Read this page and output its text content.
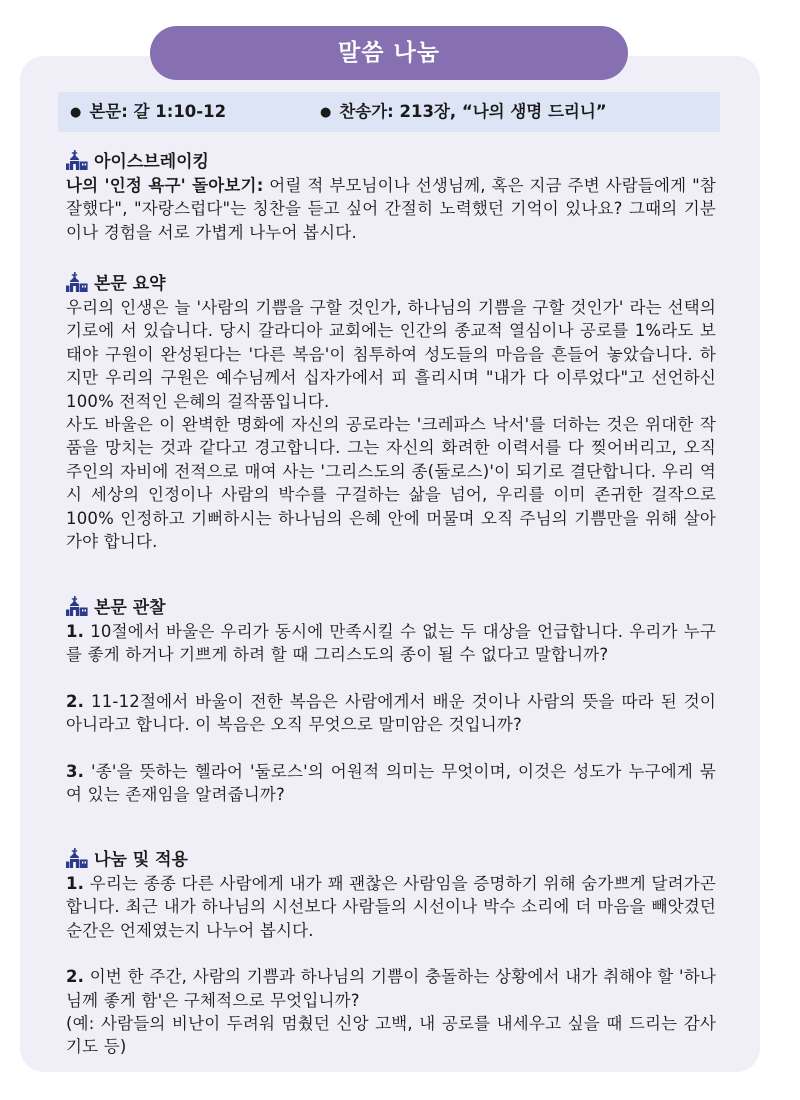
말씀 나눔
● 본문: 갈 1:10-12	● 찬송가: 213장, “나의 생명 드리니”
아이스브레이킹

나의 '인정 욕구' 돌아보기: 어릴 적 부모님이나 선생님께, 혹은 지금 주변 사람들에게 "참 잘했다", "자랑스럽다"는 칭찬을 듣고 싶어 간절히 노력했던 기억이 있나요? 그때의 기분이나 경험을 서로 가볍게 나누어 봅시다.

본문 요약

우리의 인생은 늘 '사람의 기쁨을 구할 것인가, 하나님의 기쁨을 구할 것인가' 라는 선택의 기로에 서 있습니다. 당시 갈라디아 교회에는 인간의 종교적 열심이나 공로를 1%라도 보태야 구원이 완성된다는 '다른 복음'이 침투하여 성도들의 마음을 흔들어 놓았습니다. 하지만 우리의 구원은 예수님께서 십자가에서 피 흘리시며 "내가 다 이루었다"고 선언하신 100% 전적인 은혜의 걸작품입니다.

사도 바울은 이 완벽한 명화에 자신의 공로라는 '크레파스 낙서'를 더하는 것은 위대한 작품을 망치는 것과 같다고 경고합니다. 그는 자신의 화려한 이력서를 다 찢어버리고, 오직 주인의 자비에 전적으로 매여 사는 '그리스도의 종(둘로스)'이 되기로 결단합니다. 우리 역시 세상의 인정이나 사람의 박수를 구걸하는 삶을 넘어, 우리를 이미 존귀한 걸작으로 100% 인정하고 기뻐하시는 하나님의 은혜 안에 머물며 오직 주님의 기쁨만을 위해 살아가야 합니다.

본문 관찰

1. 10절에서 바울은 우리가 동시에 만족시킬 수 없는 두 대상을 언급합니다. 우리가 누구를 좋게 하거나 기쁘게 하려 할 때 그리스도의 종이 될 수 없다고 말합니까?

2. 11-12절에서 바울이 전한 복음은 사람에게서 배운 것이나 사람의 뜻을 따라 된 것이 아니라고 합니다. 이 복음은 오직 무엇으로 말미암은 것입니까?

3. '종'을 뜻하는 헬라어 '둘로스'의 어원적 의미는 무엇이며, 이것은 성도가 누구에게 묶여 있는 존재임을 알려줍니까?

나눔 및 적용

1. 우리는 종종 다른 사람에게 내가 꽤 괜찮은 사람임을 증명하기 위해 숨가쁘게 달려가곤 합니다. 최근 내가 하나님의 시선보다 사람들의 시선이나 박수 소리에 더 마음을 빼앗겼던 순간은 언제였는지 나누어 봅시다.

2. 이번 한 주간, 사람의 기쁨과 하나님의 기쁨이 충돌하는 상황에서 내가 취해야 할 '하나님께 좋게 함'은 구체적으로 무엇입니까?

(예: 사람들의 비난이 두려워 멈췄던 신앙 고백, 내 공로를 내세우고 싶을 때 드리는 감사 기도 등)
